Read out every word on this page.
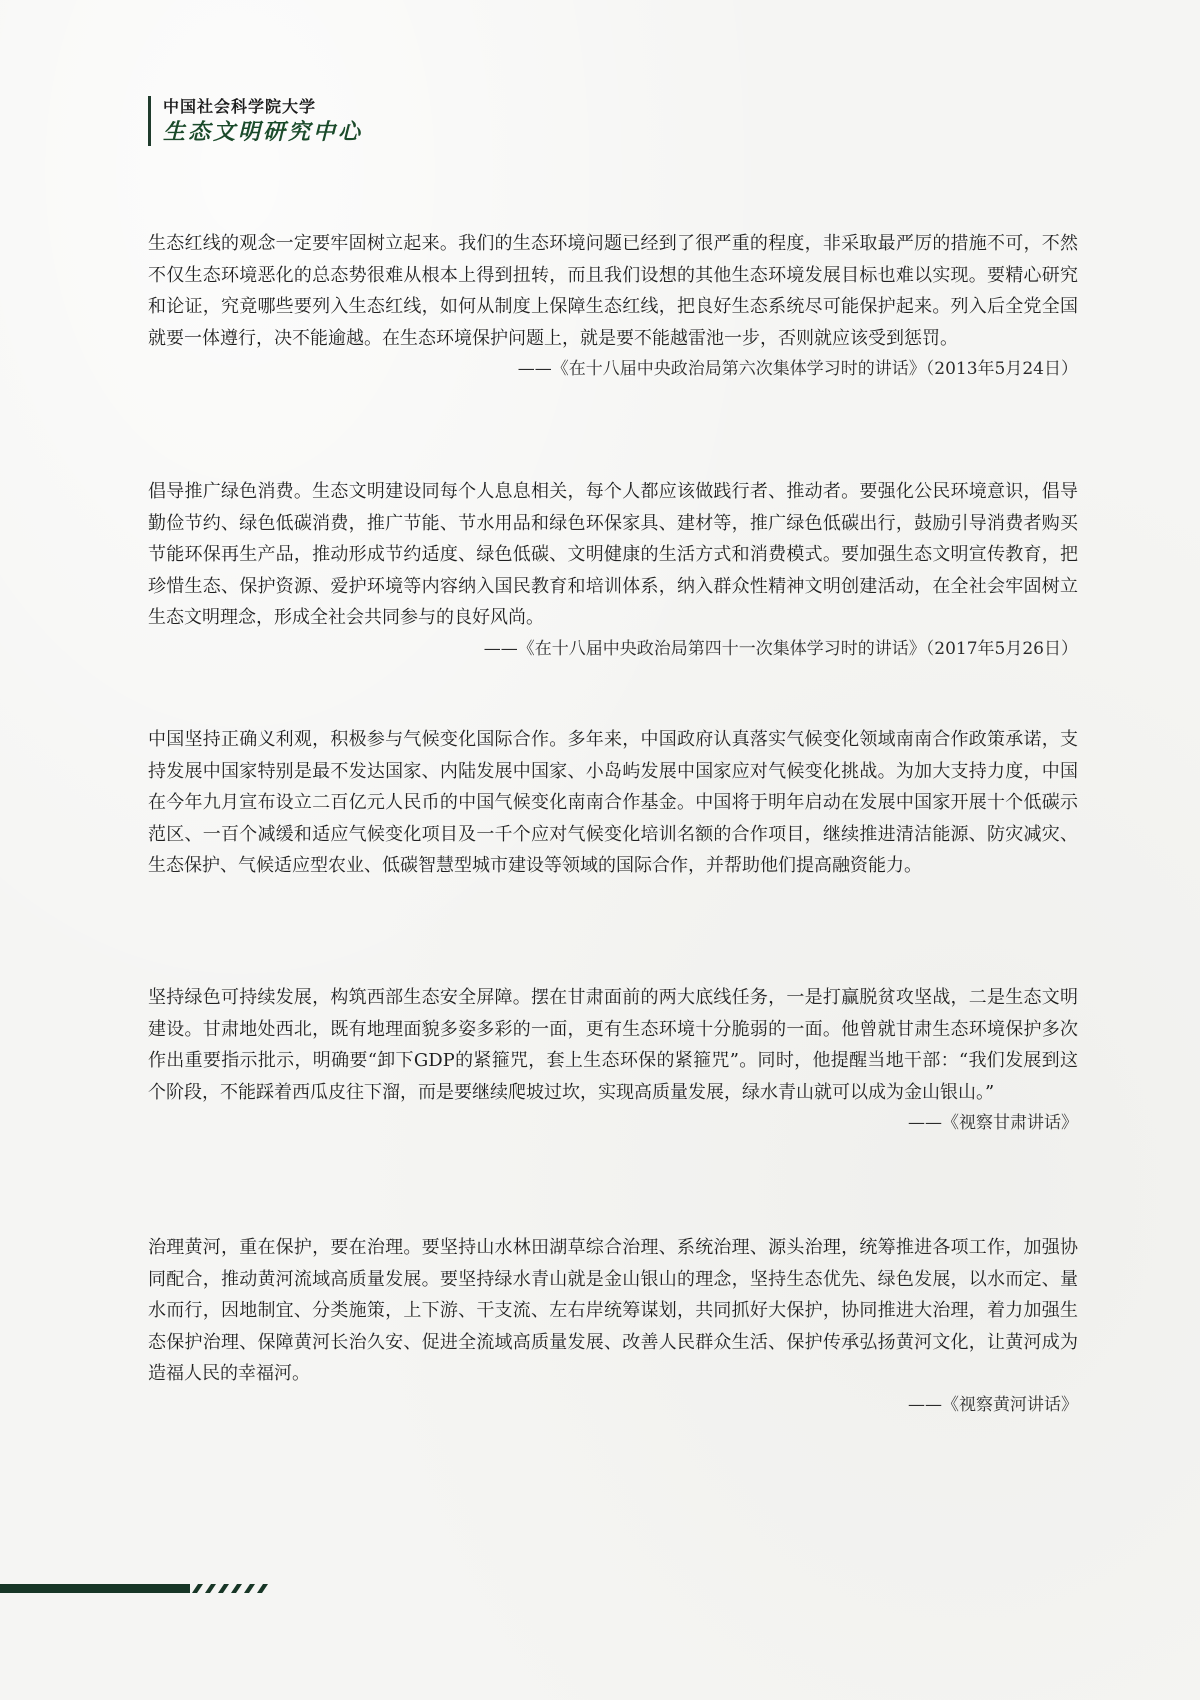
中国社会科学院大学
生态文明研究中心

生态红线的观念一定要牢固树立起来。我们的生态环境问题已经到了很严重的程度，非采取最严厉的措施不可，不然不仅生态环境恶化的总态势很难从根本上得到扭转，而且我们设想的其他生态环境发展目标也难以实现。要精心研究和论证，究竟哪些要列入生态红线，如何从制度上保障生态红线，把良好生态系统尽可能保护起来。列入后全党全国就要一体遵行，决不能逾越。在生态环境保护问题上，就是要不能越雷池一步，否则就应该受到惩罚。

——《在十八届中央政治局第六次集体学习时的讲话》（2013年5月24日）

倡导推广绿色消费。生态文明建设同每个人息息相关，每个人都应该做践行者、推动者。要强化公民环境意识，倡导勤俭节约、绿色低碳消费，推广节能、节水用品和绿色环保家具、建材等，推广绿色低碳出行，鼓励引导消费者购买节能环保再生产品，推动形成节约适度、绿色低碳、文明健康的生活方式和消费模式。要加强生态文明宣传教育，把珍惜生态、保护资源、爱护环境等内容纳入国民教育和培训体系，纳入群众性精神文明创建活动，在全社会牢固树立生态文明理念，形成全社会共同参与的良好风尚。

——《在十八届中央政治局第四十一次集体学习时的讲话》（2017年5月26日）

中国坚持正确义利观，积极参与气候变化国际合作。多年来，中国政府认真落实气候变化领域南南合作政策承诺，支持发展中国家特别是最不发达国家、内陆发展中国家、小岛屿发展中国家应对气候变化挑战。为加大支持力度，中国在今年九月宣布设立二百亿元人民币的中国气候变化南南合作基金。中国将于明年启动在发展中国家开展十个低碳示范区、一百个减缓和适应气候变化项目及一千个应对气候变化培训名额的合作项目，继续推进清洁能源、防灾减灾、生态保护、气候适应型农业、低碳智慧型城市建设等领域的国际合作，并帮助他们提高融资能力。

坚持绿色可持续发展，构筑西部生态安全屏障。摆在甘肃面前的两大底线任务，一是打赢脱贫攻坚战，二是生态文明建设。甘肃地处西北，既有地理面貌多姿多彩的一面，更有生态环境十分脆弱的一面。他曾就甘肃生态环境保护多次作出重要指示批示，明确要“卸下GDP的紧箍咒，套上生态环保的紧箍咒”。同时，他提醒当地干部：“我们发展到这个阶段，不能踩着西瓜皮往下溜，而是要继续爬坡过坎，实现高质量发展，绿水青山就可以成为金山银山。”

——《视察甘肃讲话》

治理黄河，重在保护，要在治理。要坚持山水林田湖草综合治理、系统治理、源头治理，统筹推进各项工作，加强协同配合，推动黄河流域高质量发展。要坚持绿水青山就是金山银山的理念，坚持生态优先、绿色发展，以水而定、量水而行，因地制宜、分类施策，上下游、干支流、左右岸统筹谋划，共同抓好大保护，协同推进大治理，着力加强生态保护治理、保障黄河长治久安、促进全流域高质量发展、改善人民群众生活、保护传承弘扬黄河文化，让黄河成为造福人民的幸福河。

——《视察黄河讲话》
